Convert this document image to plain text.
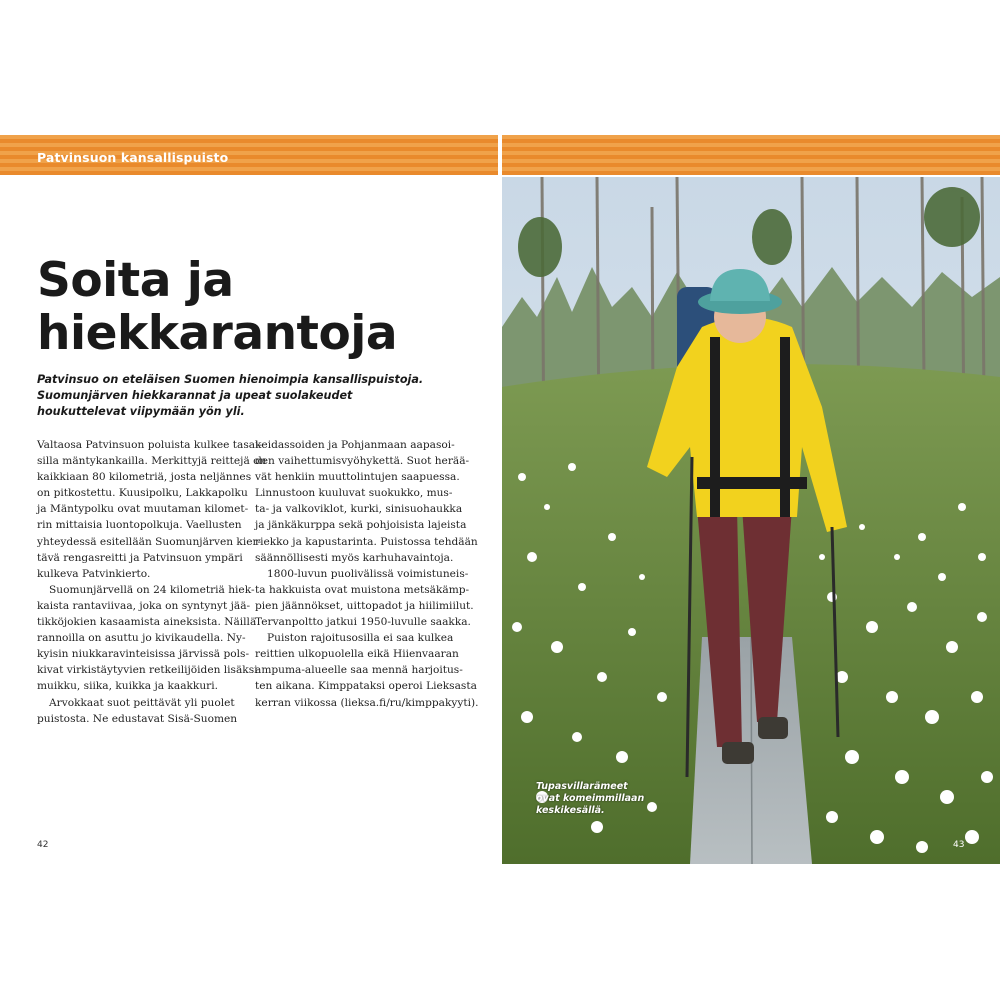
Patvinsuon kansallispuisto
Soita ja
hiekkarantoja
Patvinsuo on eteläisen Suomen hienoimpia kansallispuistoja.
Suomunjärven hiekkarannat ja upeat suolakeudet
houkuttelevat viipymään yön yli.
Valtaosa Patvinsuon poluista kulkee tasai-
silla mäntykankailla. Merkittyjä reittejä on
kaikkiaan 80 kilometriä, josta neljännes
on pitkostettu. Kuusipolku, Lakkapolku
ja Mäntypolku ovat muutaman kilomet-
rin mittaisia luontopolkuja. Vaellusten
yhteydessä esitellään Suomunjärven kier-
tävä rengasreitti ja Patvinsuon ympäri
kulkeva Patvinkierto.
Suomunjärvellä on 24 kilometriä hiek-
kaista rantaviivaa, joka on syntynyt jää-
tikköjokien kasaamista aineksista. Näillä
rannoilla on asuttu jo kivikaudella. Ny-
kyisin niukkaravinteisissa järvissä pols-
kivat virkistäytyvien retkeilijöiden lisäksi
muikku, siika, kuikka ja kaakkuri.
Arvokkaat suot peittävät yli puolet
puistosta. Ne edustavat Sisä-Suomen
keidassoiden ja Pohjanmaan aapasoi-
den vaihettumisvyöhykettä. Suot herää-
vät henkiin muuttolintujen saapuessa.
Linnustoon kuuluvat suokukko, mus-
ta- ja valkoviklot, kurki, sinisuohaukka
ja jänkäkurppa sekä pohjoisista lajeista
riekko ja kapustarinta. Puistossa tehdään
säännöllisesti myös karhuhavaintoja.
1800-luvun puolivälissä voimistuneis-
ta hakkuista ovat muistona metsäkämp-
pien jäännökset, uittopadot ja hiilimiilut.
Tervanpoltto jatkui 1950-luvulle saakka.
Puiston rajoitusosilla ei saa kulkea
reittien ulkopuolella eikä Hiienvaaran
ampuma-alueelle saa mennä harjoitus-
ten aikana. Kimppataksi operoi Lieksasta
kerran viikossa (lieksa.fi/ru/kimppakyyti).
42
Tupasvillarämeet
ovat komeimmillaan
keskikesällä.
43
